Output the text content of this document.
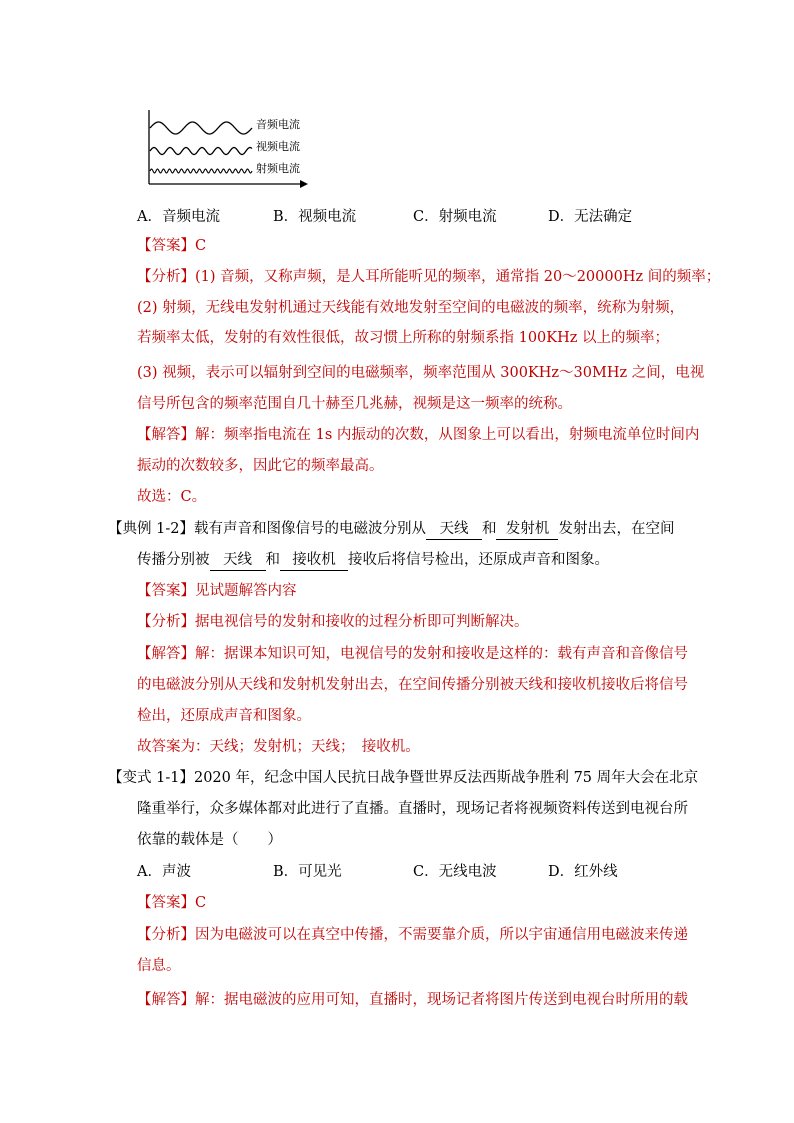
音频电流
视频电流
射频电流
A．音频电流	B．视频电流	C．射频电流	D．无法确定
【答案】C
【分析】(1) 音频，又称声频，是人耳所能听见的频率，通常指 20～20000Hz 间的频率；
(2) 射频，无线电发射机通过天线能有效地发射至空间的电磁波的频率，统称为射频，
若频率太低，发射的有效性很低，故习惯上所称的射频系指 100KHz 以上的频率；
(3) 视频，表示可以辐射到空间的电磁频率，频率范围从 300KHz～30MHz 之间，电视
信号所包含的频率范围自几十赫至几兆赫，视频是这一频率的统称。
【解答】解：频率指电流在 1s 内振动的次数，从图象上可以看出，射频电流单位时间内
振动的次数较多，因此它的频率最高。
故选：C。
【典例 1-2】载有声音和图像信号的电磁波分别从 天线 和 发射机 发射出去，在空间
传播分别被 天线 和 接收机 接收后将信号检出，还原成声音和图象。
【答案】见试题解答内容
【分析】据电视信号的发射和接收的过程分析即可判断解决。
【解答】解：据课本知识可知，电视信号的发射和接收是这样的：载有声音和音像信号
的电磁波分别从天线和发射机发射出去，在空间传播分别被天线和接收机接收后将信号
检出，还原成声音和图象。
故答案为：天线；发射机；天线；　接收机。
【变式 1-1】2020 年，纪念中国人民抗日战争暨世界反法西斯战争胜利 75 周年大会在北京
隆重举行，众多媒体都对此进行了直播。直播时，现场记者将视频资料传送到电视台所
依靠的载体是（　　）
A．声波	B．可见光	C．无线电波	D．红外线
【答案】C
【分析】因为电磁波可以在真空中传播，不需要靠介质，所以宇宙通信用电磁波来传递
信息。
【解答】解：据电磁波的应用可知，直播时，现场记者将图片传送到电视台时所用的载
